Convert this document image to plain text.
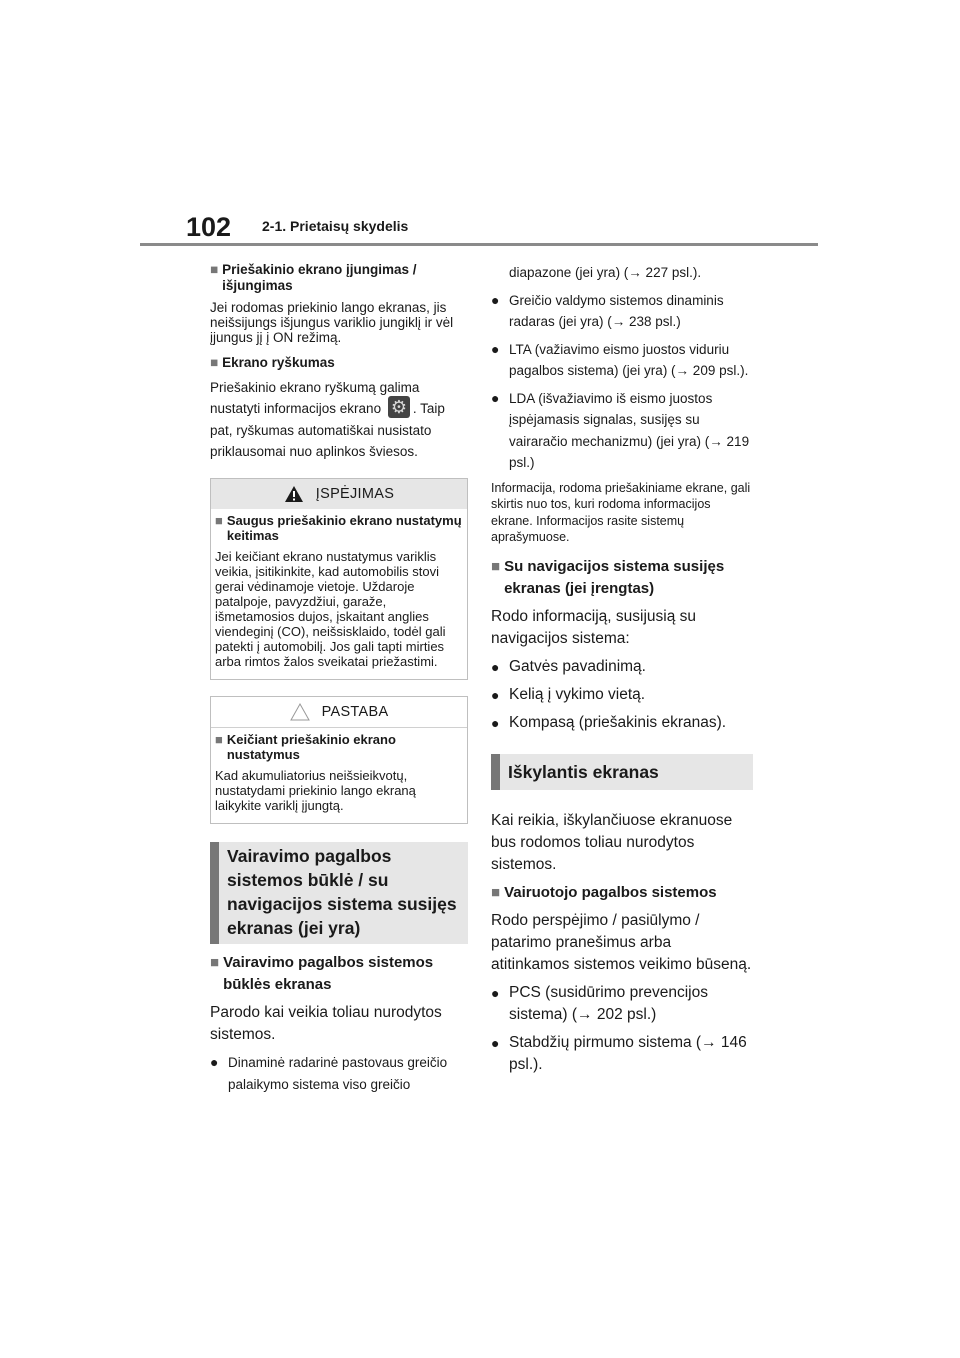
102 2-1. Prietaisų skydelis
■ Priešakinio ekrano įjungimas / išjungimas
Jei rodomas priekinio lango ekranas, jis neišsijungs išjungus variklio jungiklį ir vėl įjungus jį į ON režimą.
■ Ekrano ryškumas
Priešakinio ekrano ryškumą galima nustatyti informacijos ekrano ⚙ . Taip pat, ryškumas automatiškai nusistato priklausomai nuo aplinkos šviesos.
ĮSPĖJIMAS
■ Saugus priešakinio ekrano nustatymų keitimas
Jei keičiant ekrano nustatymus variklis veikia, įsitikinkite, kad automobilis stovi gerai vėdinamoje vietoje. Uždaroje patalpoje, pavyzdžiui, garaže, išmetamosios dujos, įskaitant anglies viendeginį (CO), neišsisklaido, todėl gali patekti į automobilį. Jos gali tapti mirties arba rimtos žalos sveikatai priežastimi.
PASTABA
■ Keičiant priešakinio ekrano nustatymus
Kad akumuliatorius neišsieikvotų, nustatydami priekinio lango ekraną laikykite variklį įjungtą.
Vairavimo pagalbos sistemos būklė / su navigacijos sistema susijęs ekranas (jei yra)
■ Vairavimo pagalbos sistemos būklės ekranas
Parodo kai veikia toliau nurodytos sistemos.
● Dinaminė radarinė pastovaus greičio palaikymo sistema viso greičio
diapazone (jei yra) (→ 227 psl.).
● Greičio valdymo sistemos dinaminis radaras (jei yra) (→ 238 psl.)
● LTA (važiavimo eismo juostos viduriu pagalbos sistema) (jei yra) (→ 209 psl.).
● LDA (išvažiavimo iš eismo juostos įspėjamasis signalas, susijęs su vairaračio mechanizmu) (jei yra) (→ 219 psl.)
Informacija, rodoma priešakiniame ekrane, gali skirtis nuo tos, kuri rodoma informacijos ekrane. Informacijos rasite sistemų aprašymuose.
■ Su navigacijos sistema susijęs ekranas (jei įrengtas)
Rodo informaciją, susijusią su navigacijos sistema:
● Gatvės pavadinimą.
● Kelią į vykimo vietą.
● Kompasą (priešakinis ekranas).
Iškylantis ekranas
Kai reikia, iškylančiuose ekranuose bus rodomos toliau nurodytos sistemos.
■ Vairuotojo pagalbos sistemos
Rodo perspėjimo / pasiūlymo / patarimo pranešimus arba atitinkamos sistemos veikimo būseną.
● PCS (susidūrimo prevencijos sistema) (→ 202 psl.)
● Stabdžių pirmumo sistema (→ 146 psl.).
